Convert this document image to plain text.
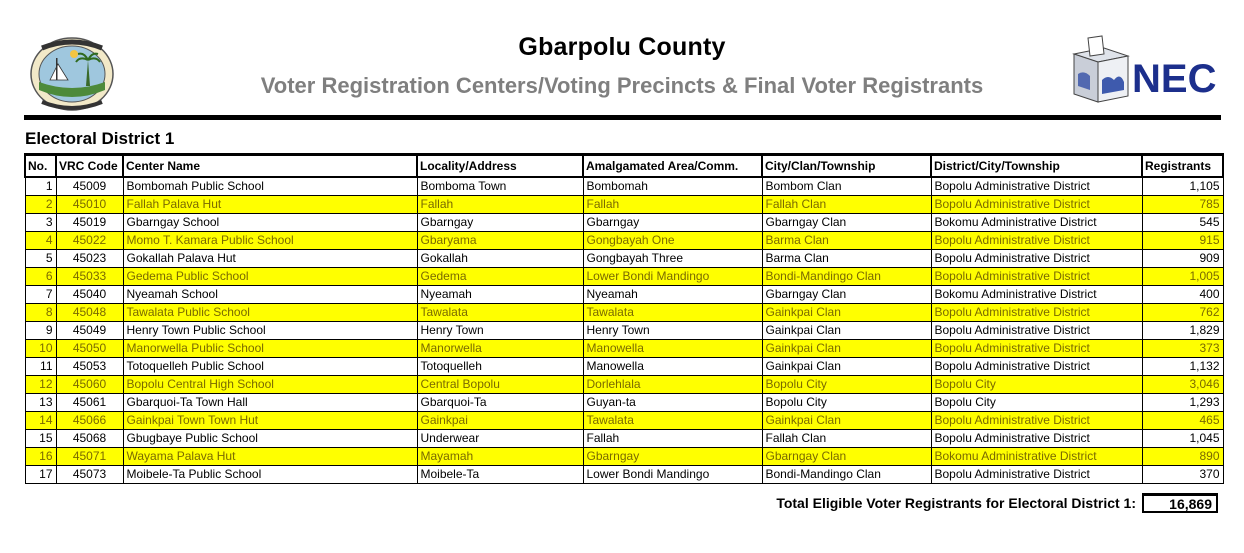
Gbarpolu County
Voter Registration Centers/Voting Precincts & Final Voter Registrants	NEC
Electoral District 1
No.	VRC Code	Center Name	Locality/Address	Amalgamated Area/Comm.	City/Clan/Township	District/City/Township	Registrants
1	45009	Bombomah Public School	Bomboma Town	Bombomah	Bombom Clan	Bopolu Administrative District	1,105
2	45010	Fallah Palava Hut	Fallah	Fallah	Fallah Clan	Bopolu Administrative District	785
3	45019	Gbarngay School	Gbarngay	Gbarngay	Gbarngay Clan	Bokomu Administrative District	545
4	45022	Momo T. Kamara Public School	Gbaryama	Gongbayah One	Barma Clan	Bopolu Administrative District	915
5	45023	Gokallah Palava Hut	Gokallah	Gongbayah Three	Barma Clan	Bopolu Administrative District	909
6	45033	Gedema Public School	Gedema	Lower Bondi Mandingo	Bondi-Mandingo Clan	Bopolu Administrative District	1,005
7	45040	Nyeamah School	Nyeamah	Nyeamah	Gbarngay Clan	Bokomu Administrative District	400
8	45048	Tawalata Public School	Tawalata	Tawalata	Gainkpai Clan	Bopolu Administrative District	762
9	45049	Henry Town Public School	Henry Town	Henry Town	Gainkpai Clan	Bopolu Administrative District	1,829
10	45050	Manorwella Public School	Manorwella	Manowella	Gainkpai Clan	Bopolu Administrative District	373
11	45053	Totoquelleh Public School	Totoquelleh	Manowella	Gainkpai Clan	Bopolu Administrative District	1,132
12	45060	Bopolu Central High School	Central Bopolu	Dorlehlala	Bopolu City	Bopolu City	3,046
13	45061	Gbarquoi-Ta Town Hall	Gbarquoi-Ta	Guyan-ta	Bopolu City	Bopolu City	1,293
14	45066	Gainkpai Town Town Hut	Gainkpai	Tawalata	Gainkpai Clan	Bopolu Administrative District	465
15	45068	Gbugbaye Public School	Underwear	Fallah	Fallah Clan	Bopolu Administrative District	1,045
16	45071	Wayama Palava Hut	Mayamah	Gbarngay	Gbarngay Clan	Bokomu Administrative District	890
17	45073	Moibele-Ta Public School	Moibele-Ta	Lower Bondi Mandingo	Bondi-Mandingo Clan	Bopolu Administrative District	370
Total Eligible Voter Registrants for Electoral District 1:	16,869
